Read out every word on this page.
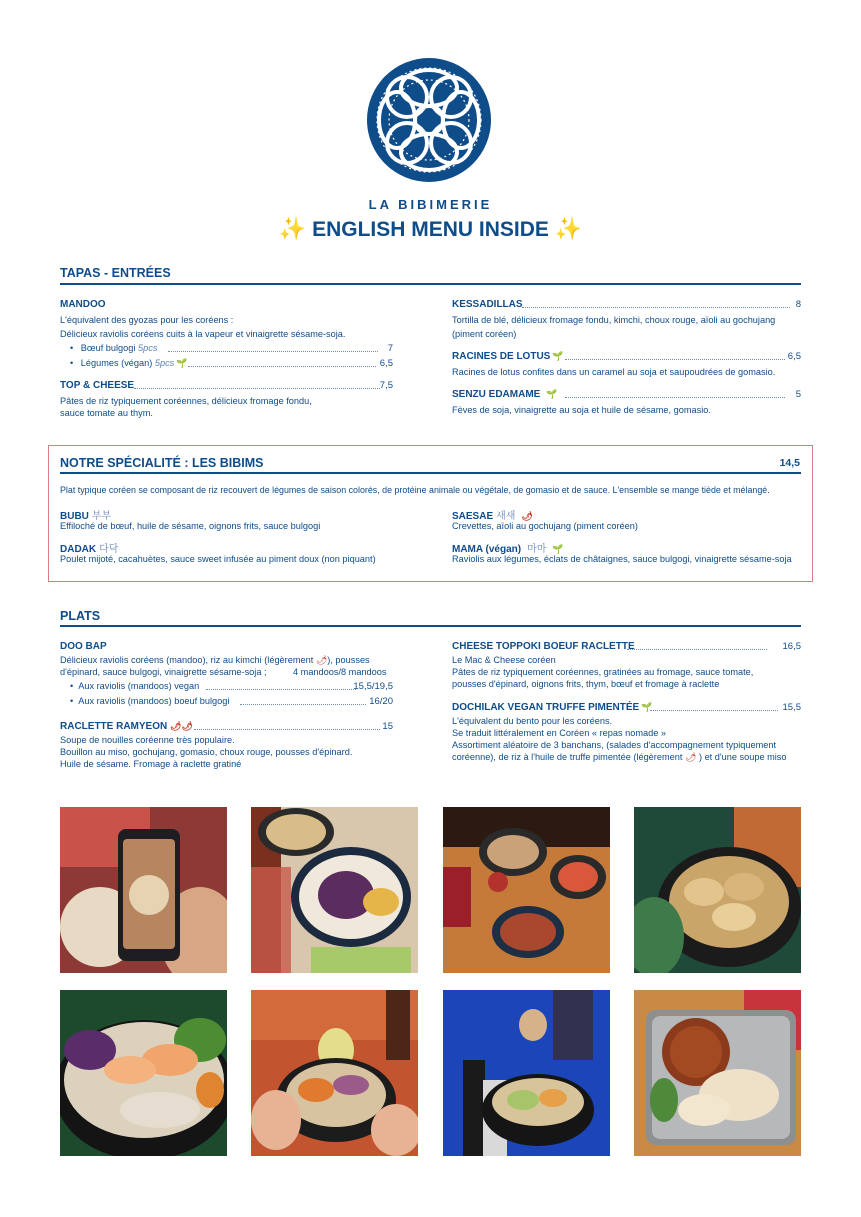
LA BIBIMERIE
✨ ENGLISH MENU INSIDE ✨
TAPAS - ENTRÉES
MANDOO
L'équivalent des gyozas pour les coréens :
Délicieux raviolis coréens cuits à la vapeur et vinaigrette sésame-soja.
• Bœuf bulgogi 5pcs	7
• Légumes (végan) 5pcs 🌱	6,5
TOP & CHEESE	7,5
Pâtes de riz typiquement coréennes, délicieux fromage fondu,
sauce tomate au thym.
KESSADILLAS	8
Tortilla de blé, délicieux fromage fondu, kimchi, choux rouge, aïoli au gochujang
(piment coréen)
RACINES DE LOTUS 🌱	6,5
Racines de lotus confites dans un caramel au soja et saupoudrées de gomasio.
SENZU EDAMAME 🌱	5
Fèves de soja, vinaigrette au soja et huile de sésame, gomasio.
NOTRE SPÉCIALITÉ : LES BIBIMS	14,5
Plat typique coréen se composant de riz recouvert de légumes de saison colorés, de protéine animale ou végétale, de gomasio et de sauce. L'ensemble se mange tiède et mélangé.
BUBU 부부
Effiloché de bœuf, huile de sésame, oignons frits, sauce bulgogi
DADAK 다닥
Poulet mijoté, cacahuètes, sauce sweet infusée au piment doux (non piquant)
SAESAE 새새 🌶
Crevettes, aïoli au gochujang (piment coréen)
MAMA (végan) 마마 🌱
Raviolis aux légumes, éclats de châtaignes, sauce bulgogi, vinaigrette sésame-soja
PLATS
DOO BAP
Délicieux raviolis coréens (mandoo), riz au kimchi (légèrement 🌶), pousses
d'épinard, sauce bulgogi, vinaigrette sésame-soja ;	4 mandoos/8 mandoos
• Aux raviolis (mandoos) vegan	15,5/19,5
• Aux raviolis (mandoos) boeuf bulgogi	16/20
RACLETTE RAMYEON 🌶🌶	15
Soupe de nouilles coréenne très populaire.
Bouillon au miso, gochujang, gomasio, choux rouge, pousses d'épinard.
Huile de sésame. Fromage à raclette gratiné
CHEESE TOPPOKI BOEUF RACLETTE	16,5
Le Mac & Cheese coréen
Pâtes de riz typiquement coréennes, gratinées au fromage, sauce tomate,
pousses d'épinard, oignons frits, thym, bœuf et fromage à raclette
DOCHILAK VEGAN TRUFFE PIMENTÉE 🌱	15,5
L'équivalent du bento pour les coréens.
Se traduit littéralement en Coréen « repas nomade »
Assortiment aléatoire de 3 banchans, (salades d'accompagnement typiquement
coréenne), de riz à l'huile de truffe pimentée (légèrement 🌶 ) et d'une soupe miso
